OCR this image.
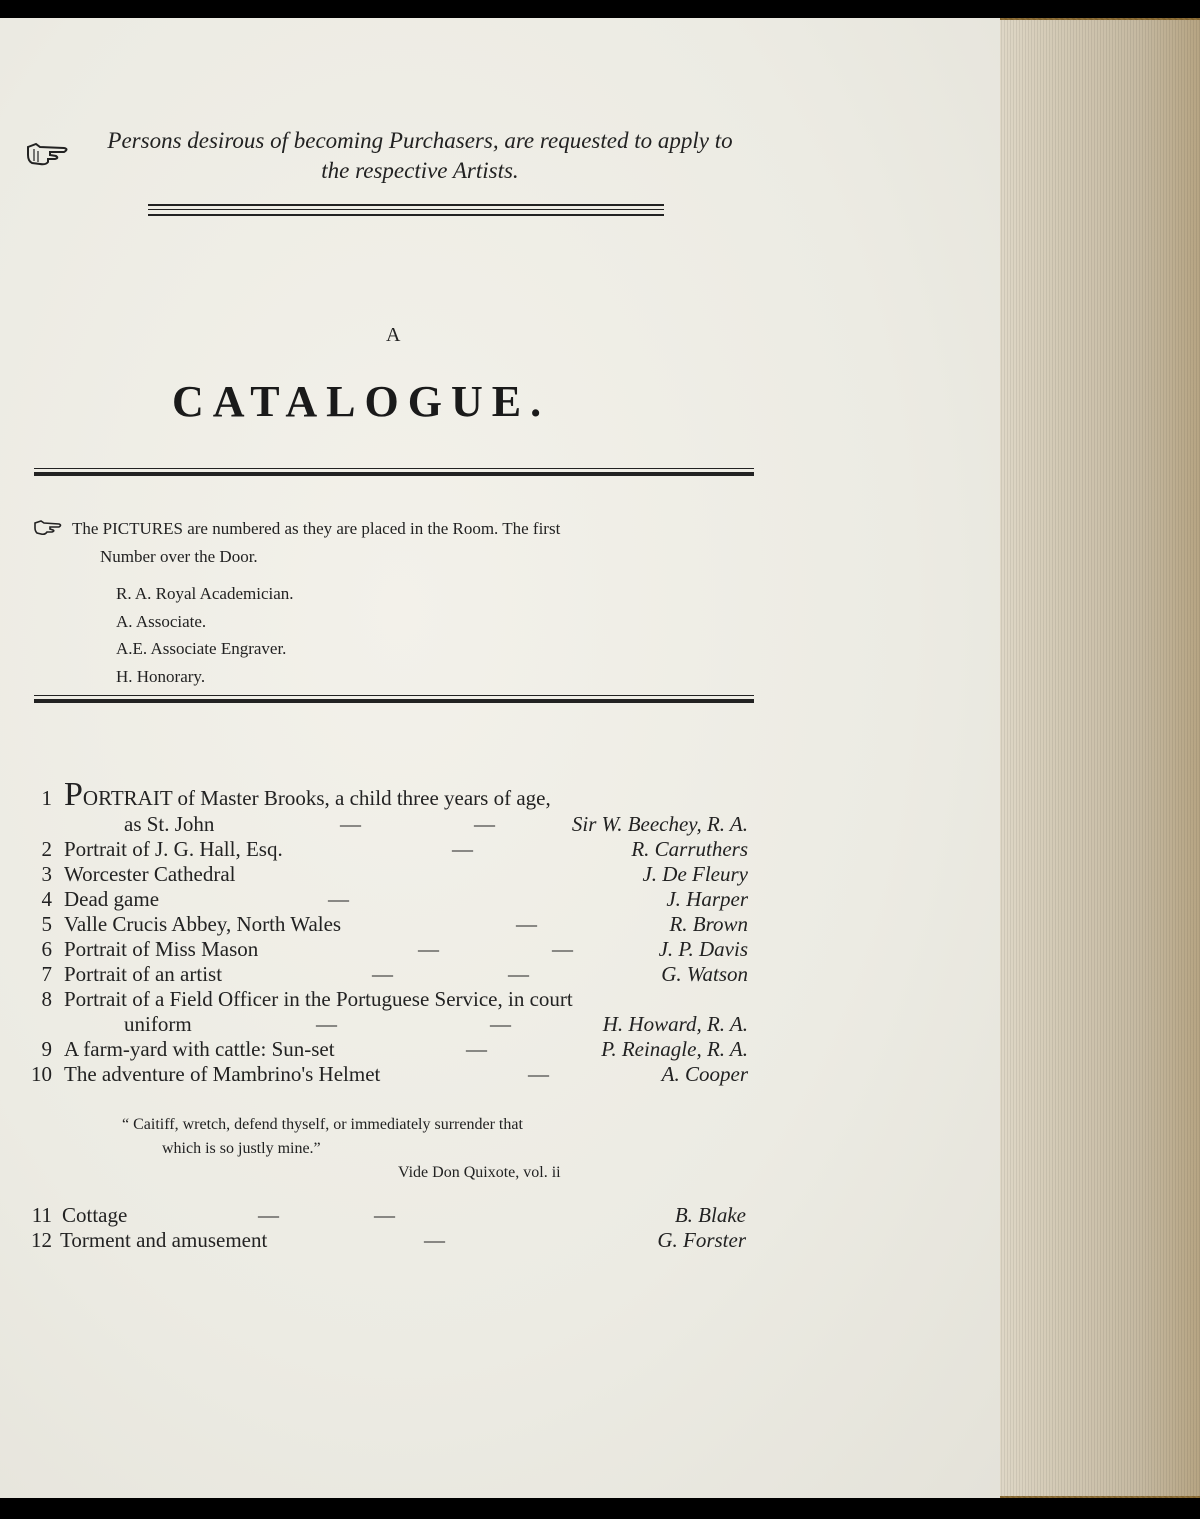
Persons desirous of becoming Purchasers, are requested to apply to
the respective Artists.
A
CATALOGUE.
The PICTURES are numbered as they are placed in the Room. The first
Number over the Door.
R. A. Royal Academician.
A. Associate.
A.E. Associate Engraver.
H. Honorary.
1 PORTRAIT of Master Brooks, a child three years of age,
as St. John	—	—	Sir W. Beechey, R. A.
2 Portrait of J. G. Hall, Esq.	—	R. Carruthers
3 Worcester Cathedral	J. De Fleury
4 Dead game	—	J. Harper
5 Valle Crucis Abbey, North Wales	—	R. Brown
6 Portrait of Miss Mason	—	—	J. P. Davis
7 Portrait of an artist	—	—	G. Watson
8 Portrait of a Field Officer in the Portuguese Service, in court
uniform	—	—	H. Howard, R. A.
9 A farm-yard with cattle: Sun-set	—	P. Reinagle, R. A.
10 The adventure of Mambrino's Helmet	—	A. Cooper
“ Caitiff, wretch, defend thyself, or immediately surrender that
which is so justly mine.”
Vide Don Quixote, vol. ii
11 Cottage	—	—	B. Blake
12 Torment and amusement	—	G. Forster
